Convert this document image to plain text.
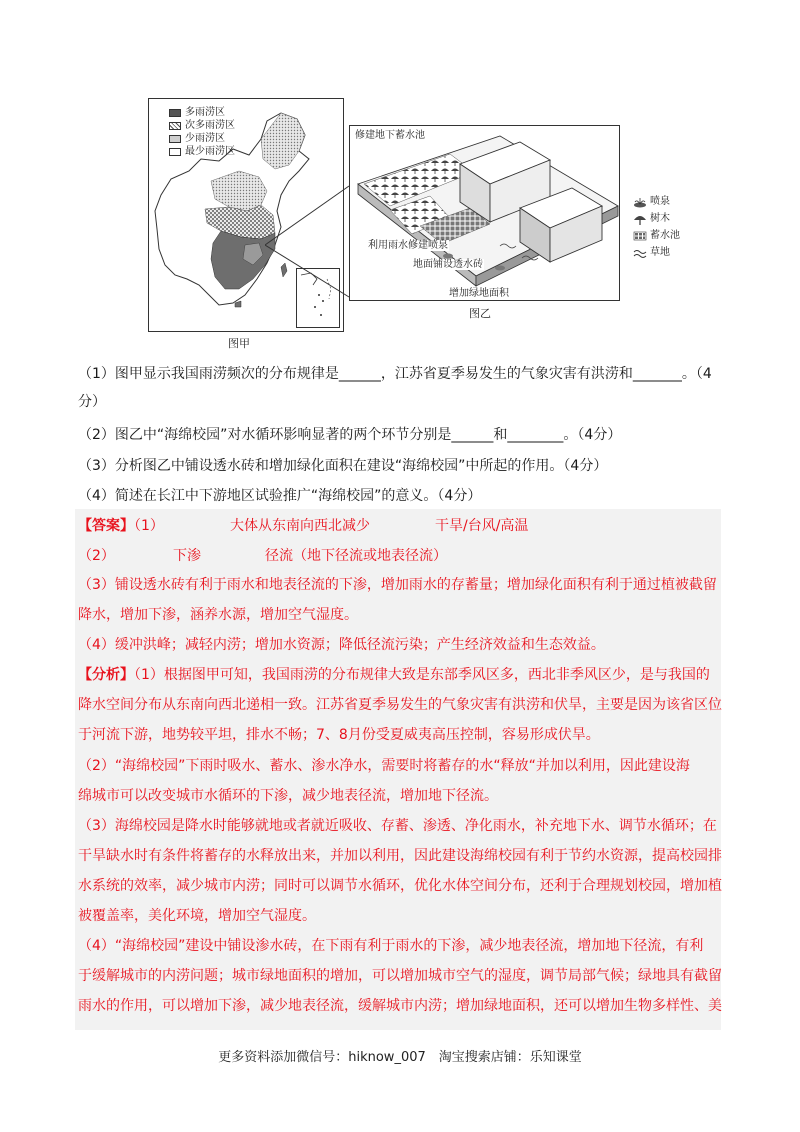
多雨涝区
次多雨涝区
少雨涝区
最少雨涝区
图甲
修建地下蓄水池
利用雨水修建喷泉
地面铺设透水砖
增加绿地面积
喷泉
树木
蓄水池
草地
图乙
（1）图甲显示我国雨涝频次的分布规律是______，江苏省夏季易发生的气象灾害有洪涝和_______。（4
分）
（2）图乙中“海绵校园”对水循环影响显著的两个环节分别是______和________。（4分）
（3）分析图乙中铺设透水砖和增加绿化面积在建设“海绵校园”中所起的作用。（4分）
（4）简述在长江中下游地区试验推广“海绵校园”的意义。（4分）
【答案】（1）	大体从东南向西北减少	干旱/台风/高温
（2）	下渗	径流（地下径流或地表径流）
（3）铺设透水砖有利于雨水和地表径流的下渗，增加雨水的存蓄量；增加绿化面积有利于通过植被截留
降水，增加下渗，涵养水源，增加空气湿度。
（4）缓冲洪峰；减轻内涝；增加水资源；降低径流污染；产生经济效益和生态效益。
【分析】（1）根据图甲可知，我国雨涝的分布规律大致是东部季风区多，西北非季风区少，是与我国的
降水空间分布从东南向西北递相一致。江苏省夏季易发生的气象灾害有洪涝和伏旱，主要是因为该省区位
于河流下游，地势较平坦，排水不畅；7、8月份受夏威夷高压控制，容易形成伏旱。
（2）“海绵校园”下雨时吸水、蓄水、渗水净水，需要时将蓄存的水“释放“并加以利用，因此建设海
绵城市可以改变城市水循环的下渗，减少地表径流，增加地下径流。
（3）海绵校园是降水时能够就地或者就近吸收、存蓄、渗透、净化雨水，补充地下水、调节水循环；在
干旱缺水时有条件将蓄存的水释放出来，并加以利用，因此建设海绵校园有利于节约水资源，提高校园排
水系统的效率，减少城市内涝；同时可以调节水循环，优化水体空间分布，还利于合理规划校园，增加植
被覆盖率，美化环境，增加空气湿度。
（4）“海绵校园”建设中铺设渗水砖，在下雨有利于雨水的下渗，减少地表径流，增加地下径流，有利
于缓解城市的内涝问题；城市绿地面积的增加，可以增加城市空气的湿度，调节局部气候；绿地具有截留
雨水的作用，可以增加下渗，减少地表径流，缓解城市内涝；增加绿地面积，还可以增加生物多样性、美
更多资料添加微信号：hiknow_007　淘宝搜索店铺：乐知课堂
